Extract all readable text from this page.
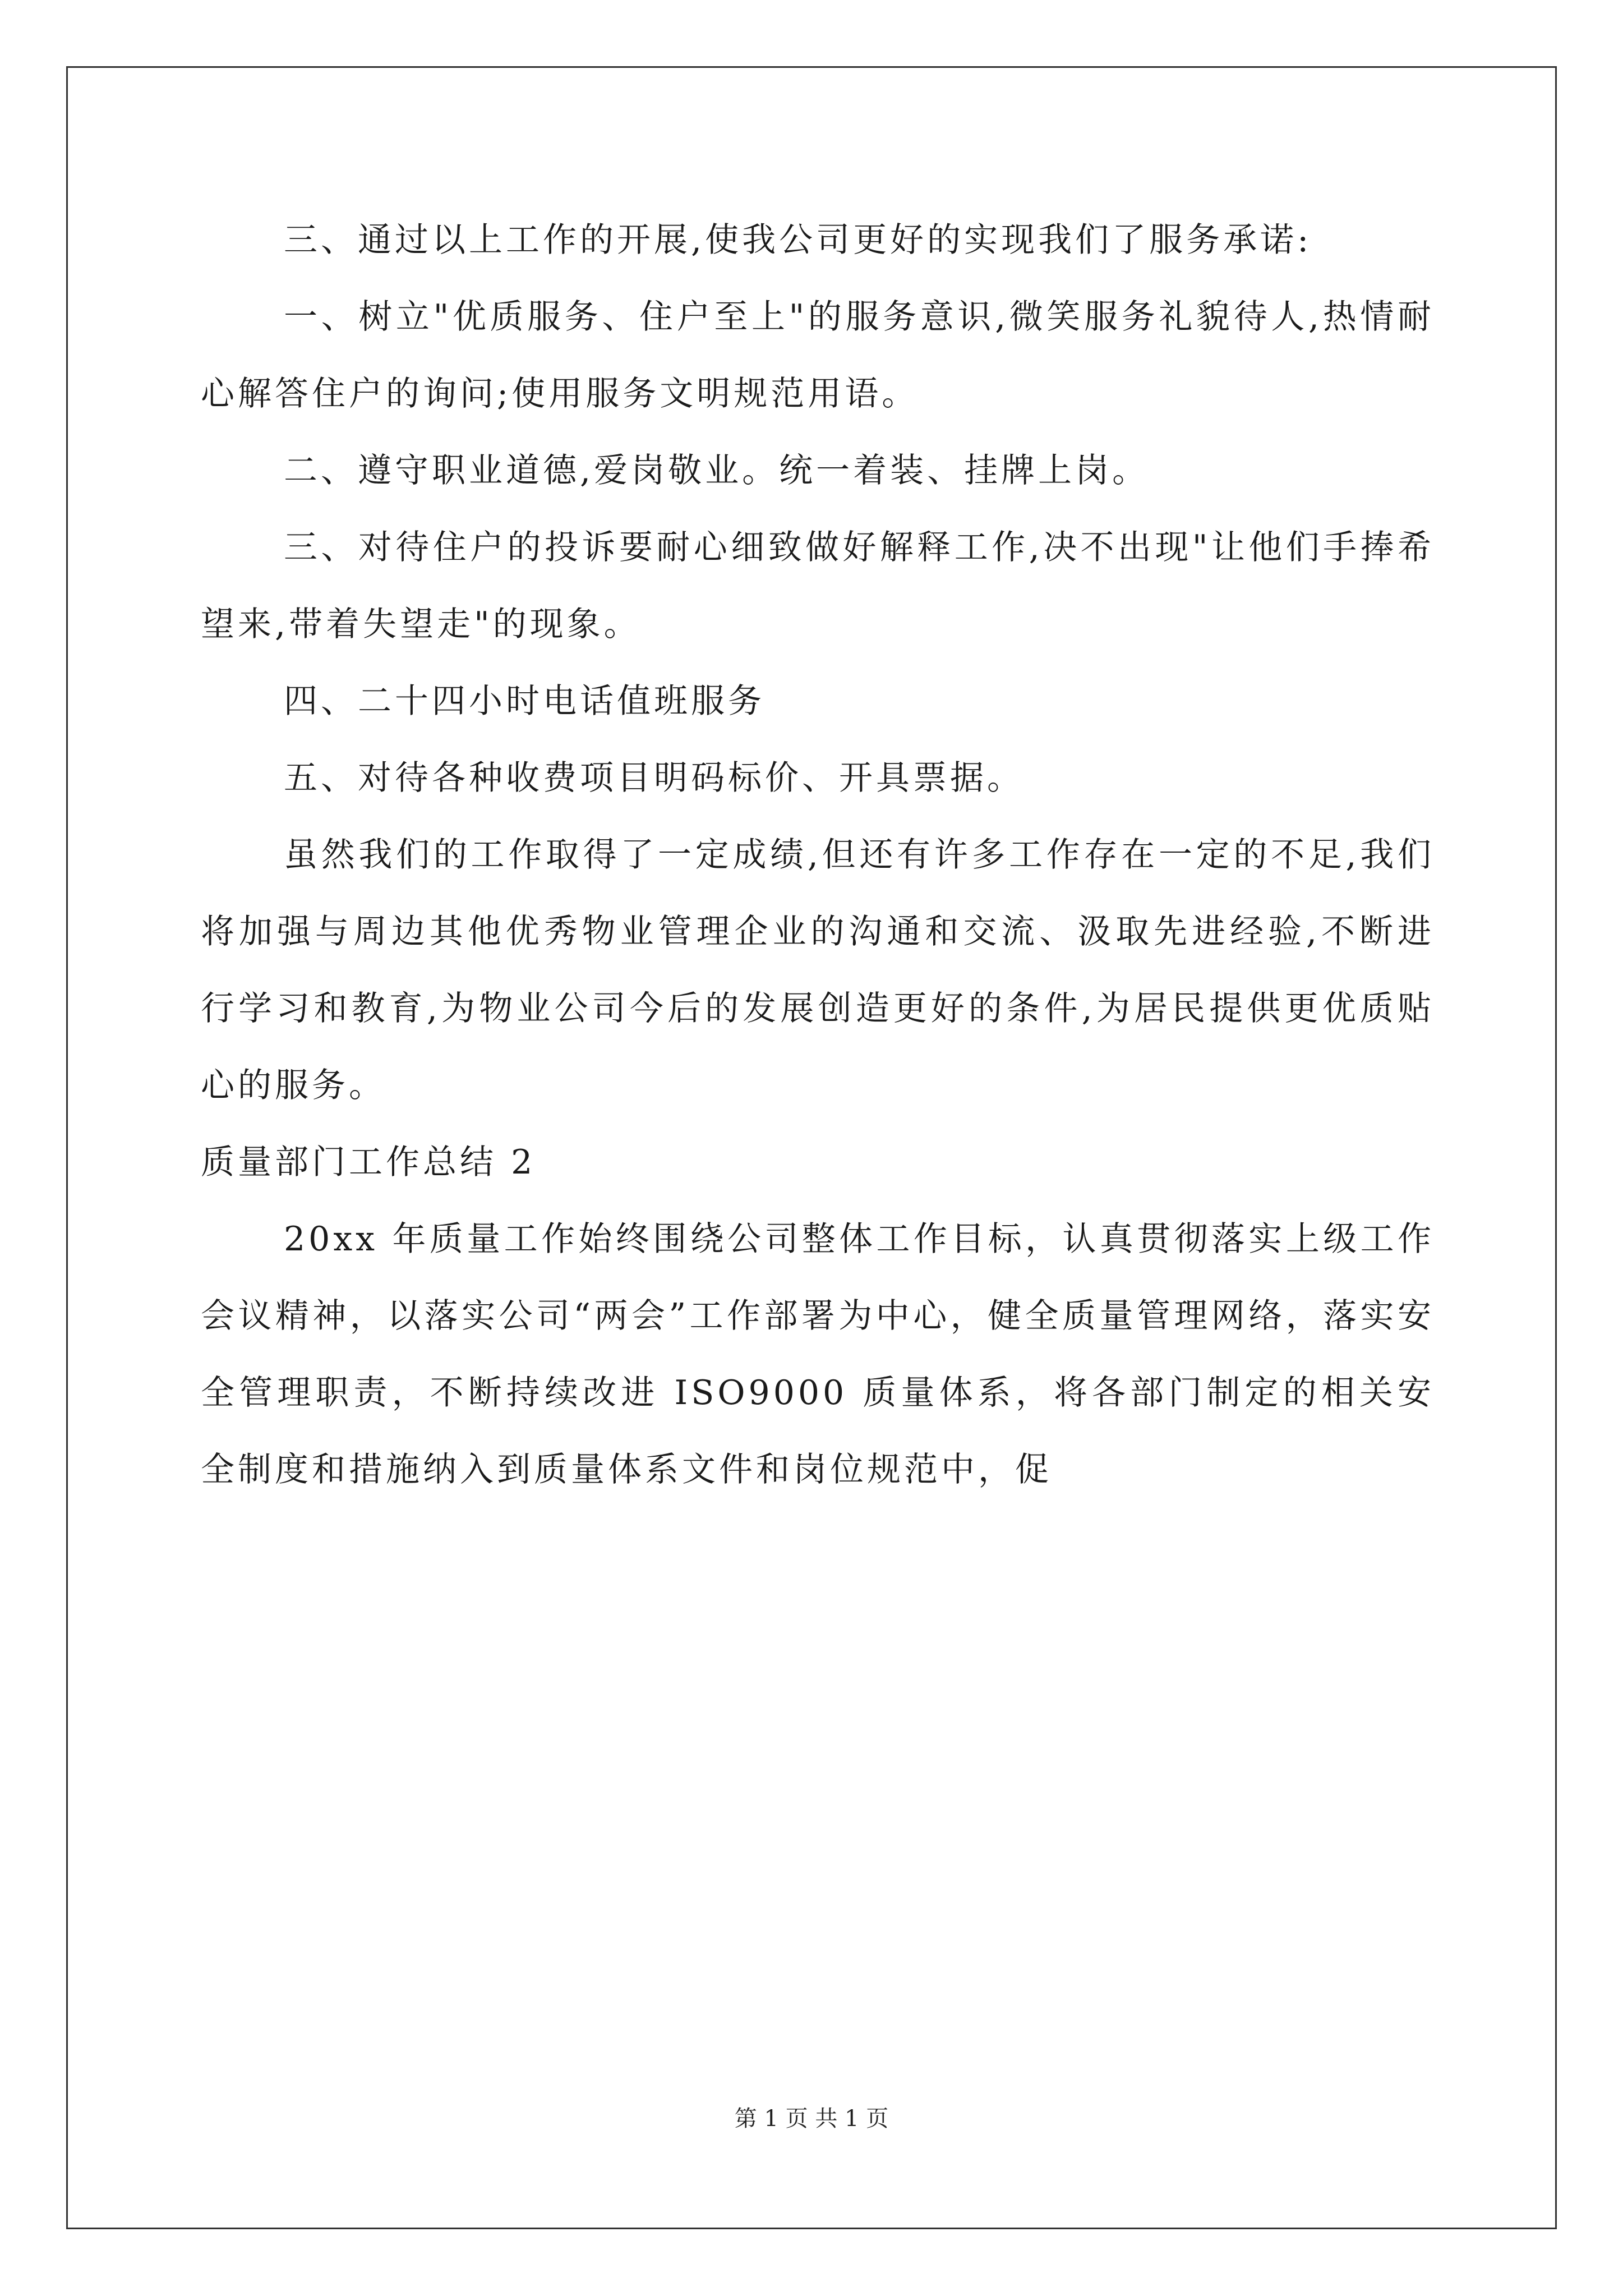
三、通过以上工作的开展,使我公司更好的实现我们了服务承诺:

一、树立"优质服务、住户至上"的服务意识,微笑服务礼貌待人,热情耐心解答住户的询问;使用服务文明规范用语。

二、遵守职业道德,爱岗敬业。统一着装、挂牌上岗。

三、对待住户的投诉要耐心细致做好解释工作,决不出现"让他们手捧希望来,带着失望走"的现象。

四、二十四小时电话值班服务

五、对待各种收费项目明码标价、开具票据。

虽然我们的工作取得了一定成绩,但还有许多工作存在一定的不足,我们将加强与周边其他优秀物业管理企业的沟通和交流、汲取先进经验,不断进行学习和教育,为物业公司今后的发展创造更好的条件,为居民提供更优质贴心的服务。

质量部门工作总结 2

20xx 年质量工作始终围绕公司整体工作目标，认真贯彻落实上级工作会议精神，以落实公司“两会”工作部署为中心，健全质量管理网络，落实安全管理职责，不断持续改进 ISO9000 质量体系，将各部门制定的相关安全制度和措施纳入到质量体系文件和岗位规范中，促

第 1 页 共 1 页
